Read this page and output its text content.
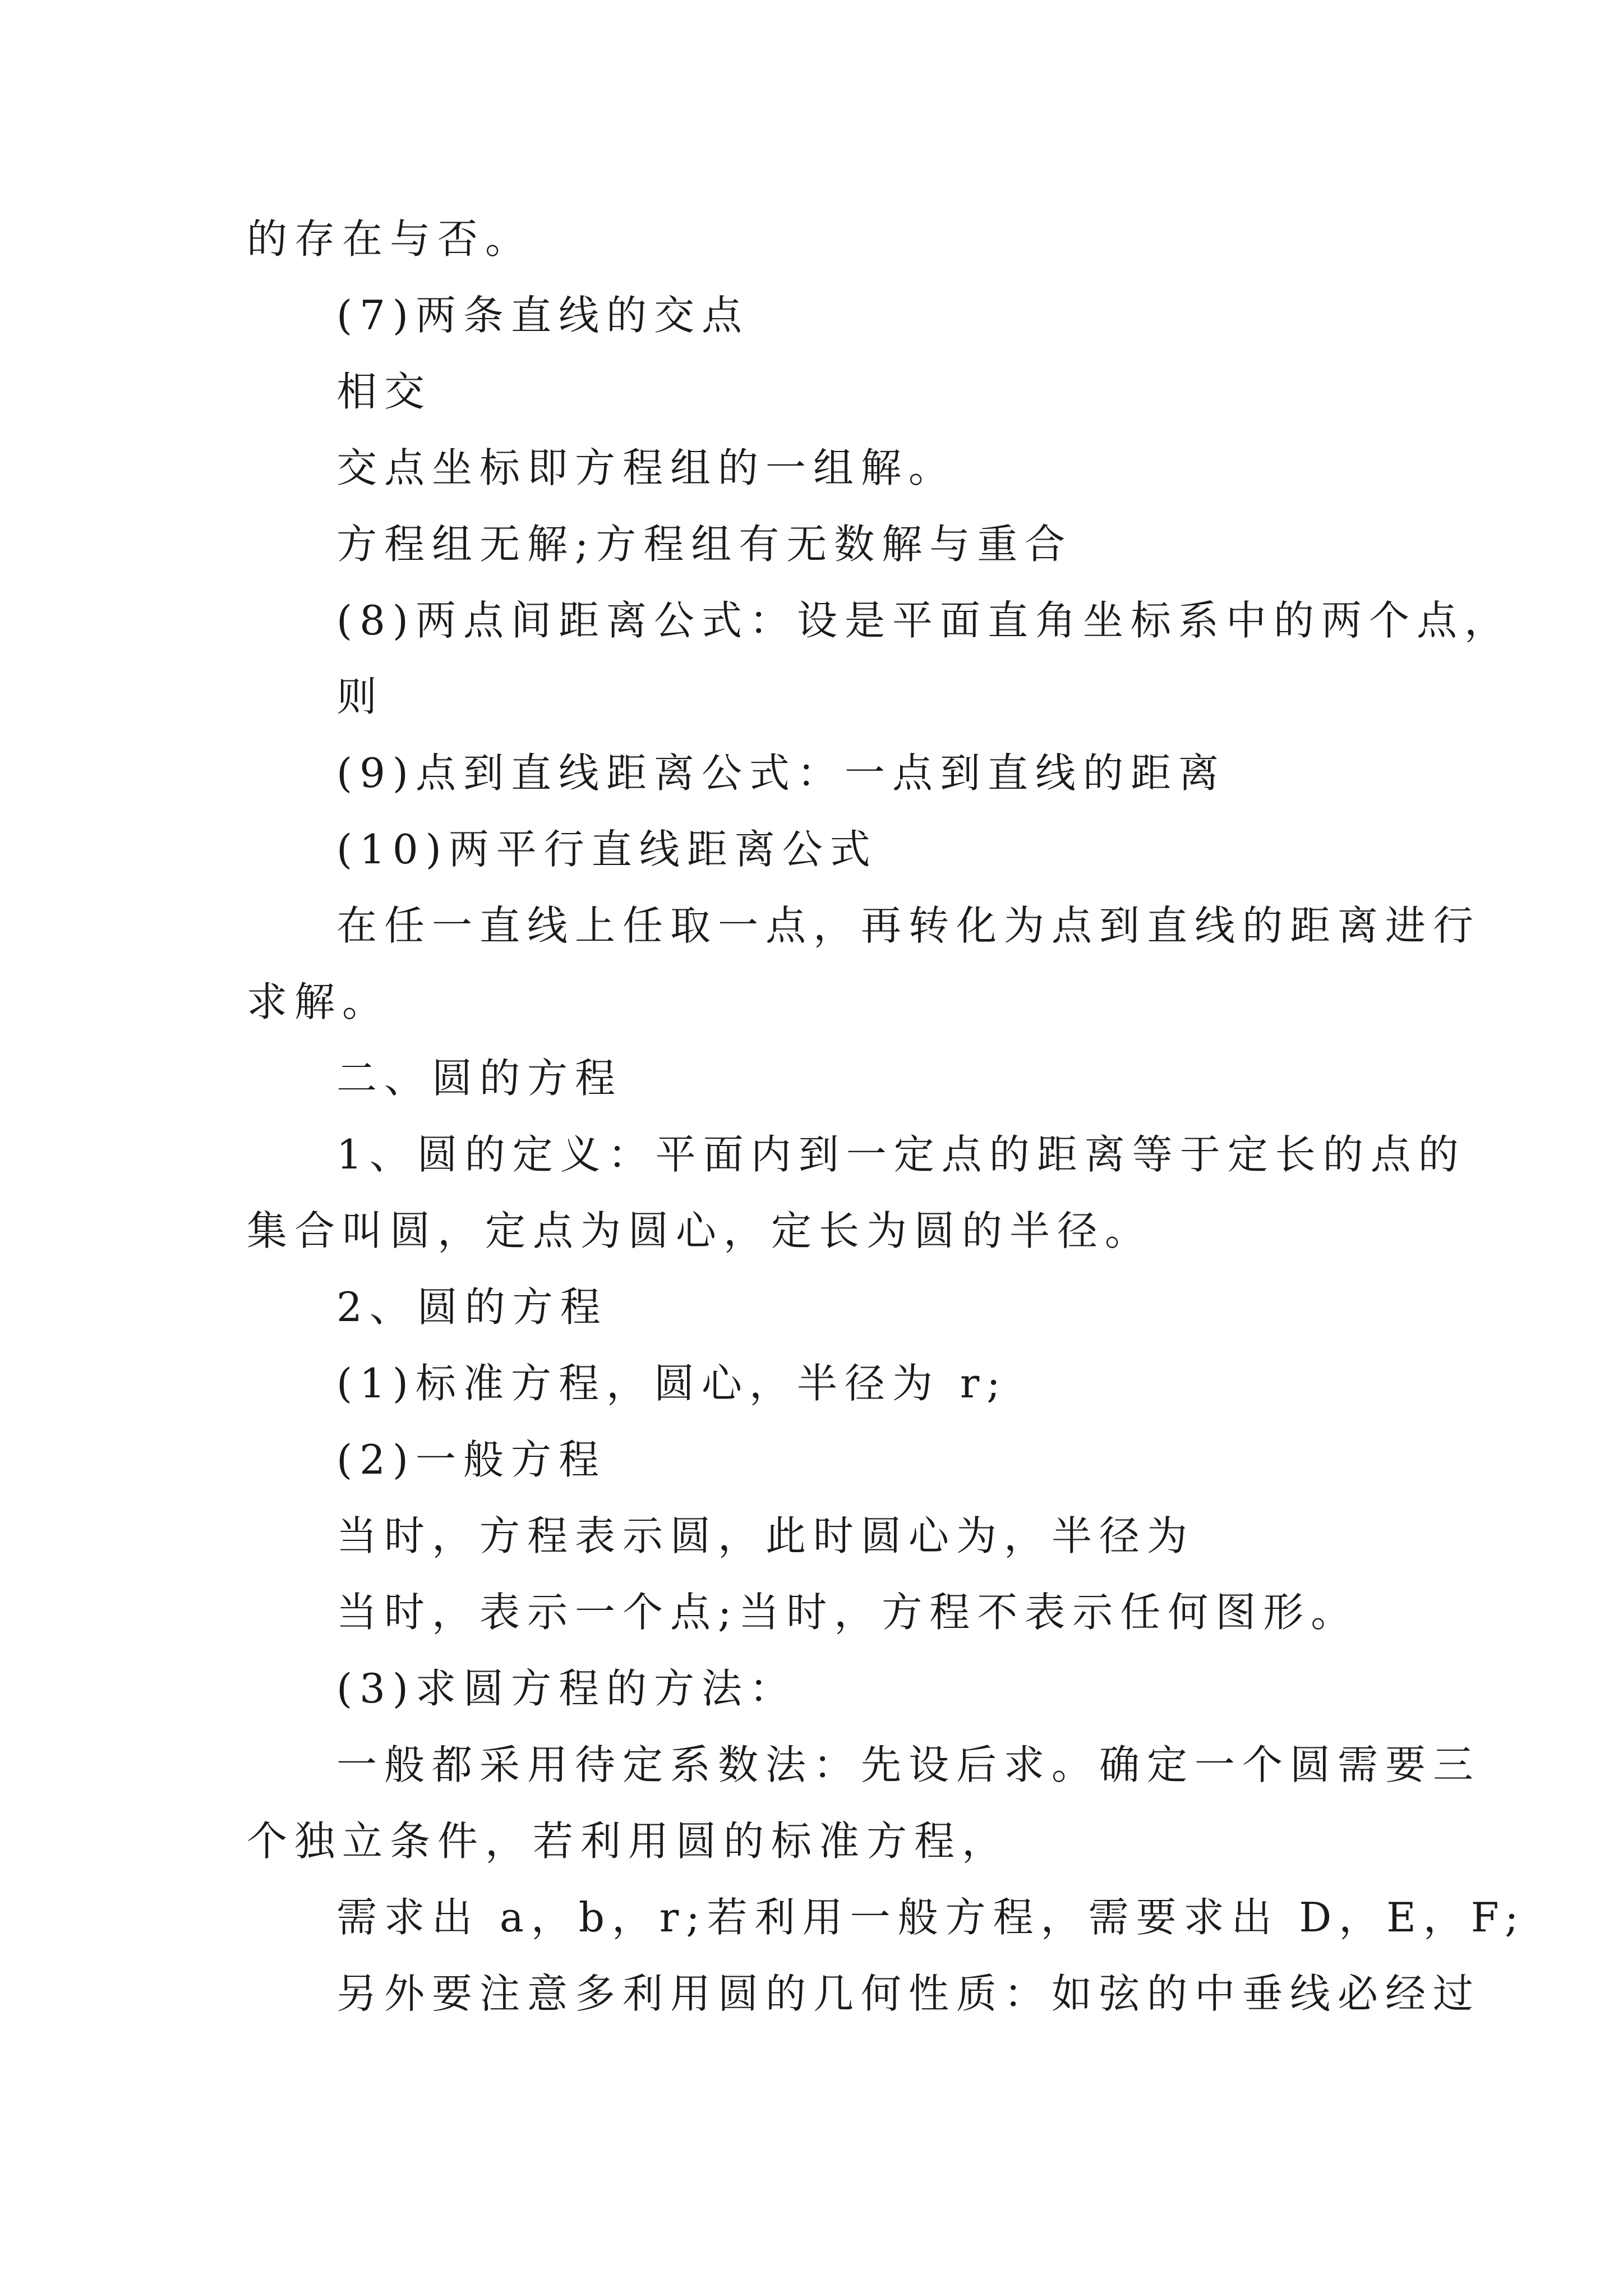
的存在与否。

(7)两条直线的交点

相交

交点坐标即方程组的一组解。

方程组无解;方程组有无数解与重合

(8)两点间距离公式：设是平面直角坐标系中的两个点，

则

(9)点到直线距离公式：一点到直线的距离

(10)两平行直线距离公式

在任一直线上任取一点，再转化为点到直线的距离进行

求解。

二、圆的方程

1、圆的定义：平面内到一定点的距离等于定长的点的

集合叫圆，定点为圆心，定长为圆的半径。

2、圆的方程

(1)标准方程，圆心，半径为 r;

(2)一般方程

当时，方程表示圆，此时圆心为，半径为

当时，表示一个点;当时，方程不表示任何图形。

(3)求圆方程的方法：

一般都采用待定系数法：先设后求。确定一个圆需要三

个独立条件，若利用圆的标准方程，

需求出 a，b，r;若利用一般方程，需要求出 D，E，F;

另外要注意多利用圆的几何性质：如弦的中垂线必经过
